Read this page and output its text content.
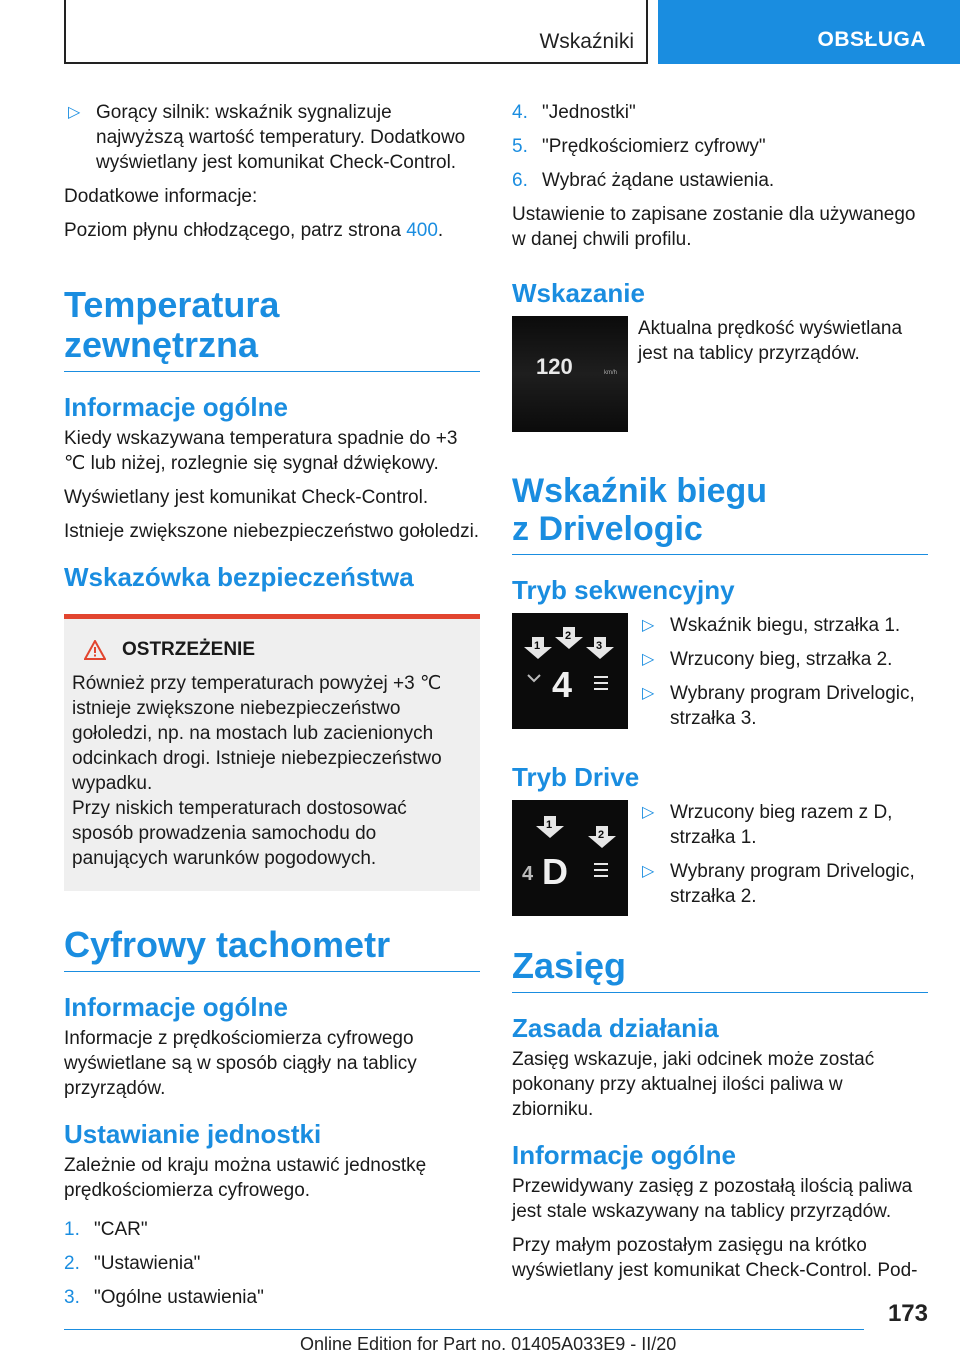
Wskaźniki	OBSŁUGA
▷ Gorący silnik: wskaźnik sygnalizuje najwyższą wartość temperatury. Dodatkowo wyświetlany jest komunikat Check-Control.

Dodatkowe informacje:

Poziom płynu chłodzącego, patrz strona 400.

Temperatura zewnętrzna
Informacje ogólne

Kiedy wskazywana temperatura spadnie do +3 ℃ lub niżej, rozlegnie się sygnał dźwiękowy.

Wyświetlany jest komunikat Check-Control.

Istnieje zwiększone niebezpieczeństwo gołoledzi.

Wskazówka bezpieczeństwa
OSTRZEŻENIE

Również przy temperaturach powyżej +3 ℃ istnieje zwiększone niebezpieczeństwo gołoledzi, np. na mostach lub zacienionych odcinkach drogi. Istnieje niebezpieczeństwo wypadku.

Przy niskich temperaturach dostosować sposób prowadzenia samochodu do panujących warunków pogodowych.

Cyfrowy tachometr
Informacje ogólne

Informacje z prędkościomierza cyfrowego wyświetlane są w sposób ciągły na tablicy przyrządów.

Ustawianie jednostki

Zależnie od kraju można ustawić jednostkę prędkościomierza cyfrowego.

1. "CAR"
2. "Ustawienia"
3. "Ogólne ustawienia"
4. "Jednostki"
5. "Prędkościomierz cyfrowy"
6. Wybrać żądane ustawienia.

Ustawienie to zapisane zostanie dla używanego w danej chwili profilu.

Wskazanie
120	km/h

Aktualna prędkość wyświetlana jest na tablicy przyrządów.

Wskaźnik biegu
z Drivelogic
Tryb sekwencyjny
1
2
3
4
▷ Wskaźnik biegu, strzałka 1.
▷ Wrzucony bieg, strzałka 2.
▷ Wybrany program Drivelogic, strzałka 3.
Tryb Drive
1
2
4 D
▷ Wrzucony bieg razem z D, strzałka 1.
▷ Wybrany program Drivelogic, strzałka 2.
Zasięg
Zasada działania

Zasięg wskazuje, jaki odcinek może zostać pokonany przy aktualnej ilości paliwa w zbiorniku.

Informacje ogólne

Przewidywany zasięg z pozostałą ilością paliwa jest stale wskazywany na tablicy przyrządów.

Przy małym pozostałym zasięgu na krótko wyświetlany jest komunikat Check-Control. Pod-

173
Online Edition for Part no. 01405A033E9 - II/20
